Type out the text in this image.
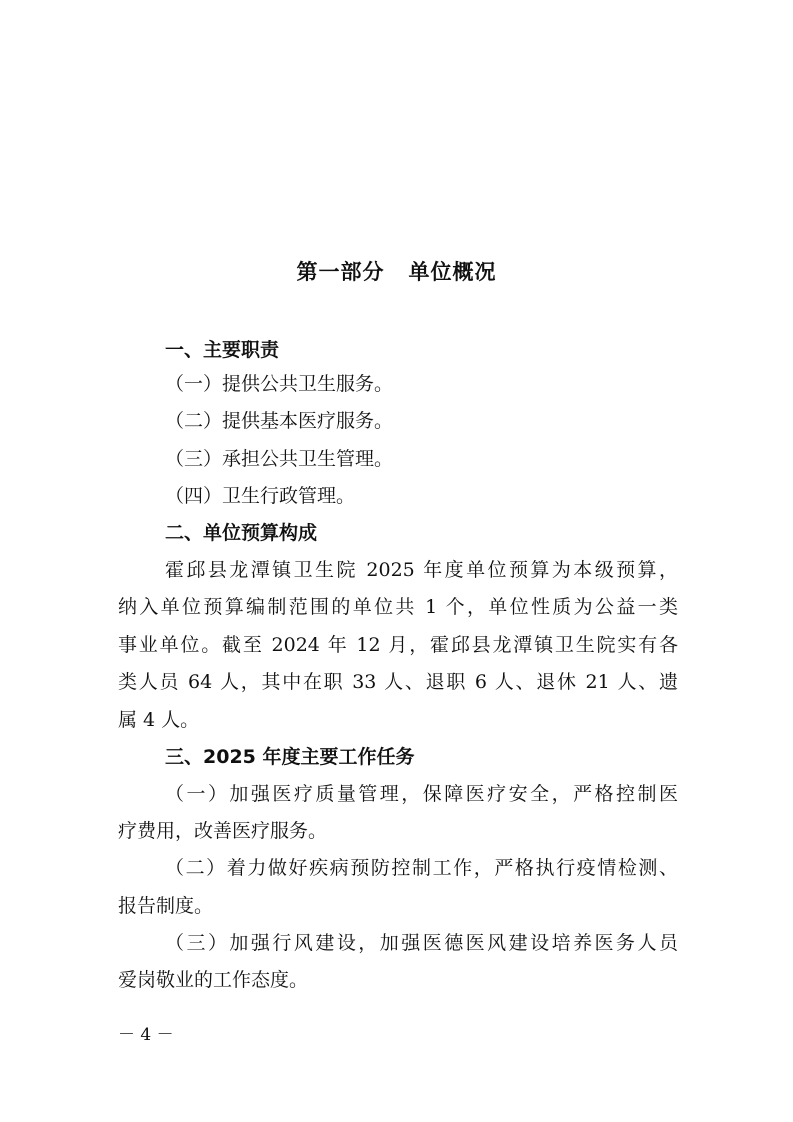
第一部分 单位概况
一、主要职责
（一）提供公共卫生服务。
（二）提供基本医疗服务。
（三）承担公共卫生管理。
（四）卫生行政管理。
二、单位预算构成
霍邱县龙潭镇卫生院 2025 年度单位预算为本级预算，
纳入单位预算编制范围的单位共 1 个，单位性质为公益一类
事业单位。截至 2024 年 12 月，霍邱县龙潭镇卫生院实有各
类人员 64 人，其中在职 33 人、退职 6 人、退休 21 人、遗
属 4 人。
三、2025 年度主要工作任务
（一）加强医疗质量管理，保障医疗安全，严格控制医
疗费用，改善医疗服务。
（二）着力做好疾病预防控制工作，严格执行疫情检测、
报告制度。
（三）加强行风建设，加强医德医风建设培养医务人员
爱岗敬业的工作态度。
－ 4 －
